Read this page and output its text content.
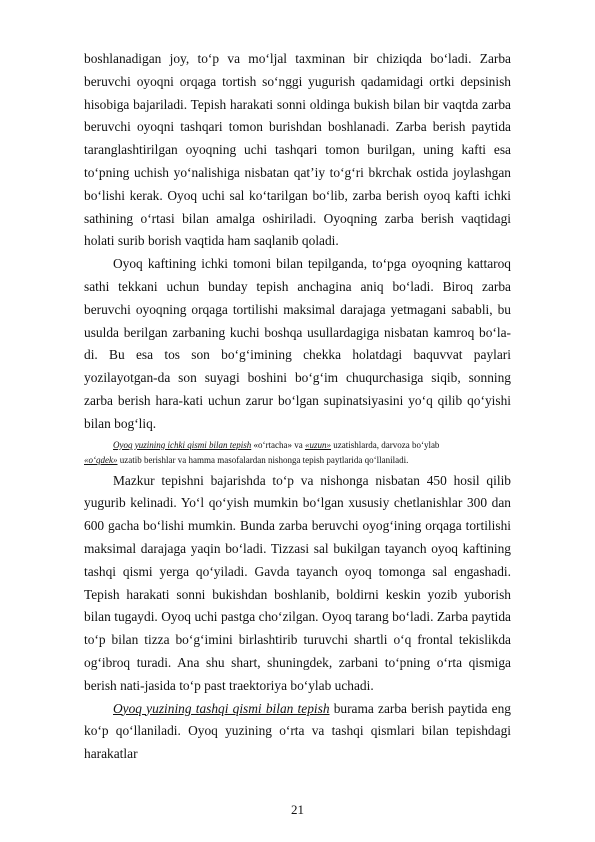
boshlanadigan joy, to‘p va mo‘ljal taxminan bir chiziqda bo‘ladi. Zarba beruvchi oyoqni orqaga tortish so‘nggi yugurish qadamidagi ortki depsinish hisobiga bajariladi. Tepish harakati sonni oldinga bukish bilan bir vaqtda zarba beruvchi oyoqni tashqari tomon burishdan boshlanadi. Zarba berish paytida taranglashtirilgan oyoqning uchi tashqari tomon burilgan, uning kafti esa to‘pning uchish yo‘nalishiga nisbatan qat’iy to‘g‘ri bkrchak ostida joylashgan bo‘lishi kerak. Oyoq uchi sal ko‘tarilgan bo‘lib, zarba berish oyoq kafti ichki sathining o‘rtasi bilan amalga oshiriladi. Oyoqning zarba berish vaqtidagi holati surib borish vaqtida ham saqlanib qoladi.

Oyoq kaftining ichki tomoni bilan tepilganda, to‘pga oyoqning kattaroq sathi tekkani uchun bunday tepish anchagina aniq bo‘ladi. Biroq zarba beruvchi oyoqning orqaga tortilishi maksimal darajaga yetmagani sababli, bu usulda berilgan zarbaning kuchi boshqa usullardagiga nisbatan kamroq bo‘la-di. Bu esa tos son bo‘g‘imining chekka holatdagi baquvvat paylari yozilayotgan-da son suyagi boshini bo‘g‘im chuqurchasiga siqib, sonning zarba berish hara-kati uchun zarur bo‘lgan supinatsiyasini yo‘q qilib qo‘yishi bilan bog‘liq.

Oyoq yuzining ichki qismi bilan tepish «o‘rtacha» va «uzun» uzatishlarda, darvoza bo‘ylab
«o‘qdek» uzatib berishlar va hamma masofalardan nishonga tepish paytlarida qo‘llaniladi.

Mazkur tepishni bajarishda to‘p va nishonga nisbatan 450 hosil qilib yugurib kelinadi. Yo‘l qo‘yish mumkin bo‘lgan xususiy chetlanishlar 300 dan 600 gacha bo‘lishi mumkin. Bunda zarba beruvchi oyog‘ining orqaga tortilishi maksimal darajaga yaqin bo‘ladi. Tizzasi sal bukilgan tayanch oyoq kaftining tashqi qismi yerga qo‘yiladi. Gavda tayanch oyoq tomonga sal engashadi. Tepish harakati sonni bukishdan boshlanib, boldirni keskin yozib yuborish bilan tugaydi. Oyoq uchi pastga cho‘zilgan. Oyoq tarang bo‘ladi. Zarba paytida to‘p bilan tizza bo‘g‘imini birlashtirib turuvchi shartli o‘q frontal tekislikda og‘ibroq turadi. Ana shu shart, shuningdek, zarbani to‘pning o‘rta qismiga berish nati-jasida to‘p past traektoriya bo‘ylab uchadi.

Oyoq yuzining tashqi qismi bilan tepish burama zarba berish paytida eng ko‘p qo‘llaniladi. Oyoq yuzining o‘rta va tashqi qismlari bilan tepishdagi harakatlar

21
